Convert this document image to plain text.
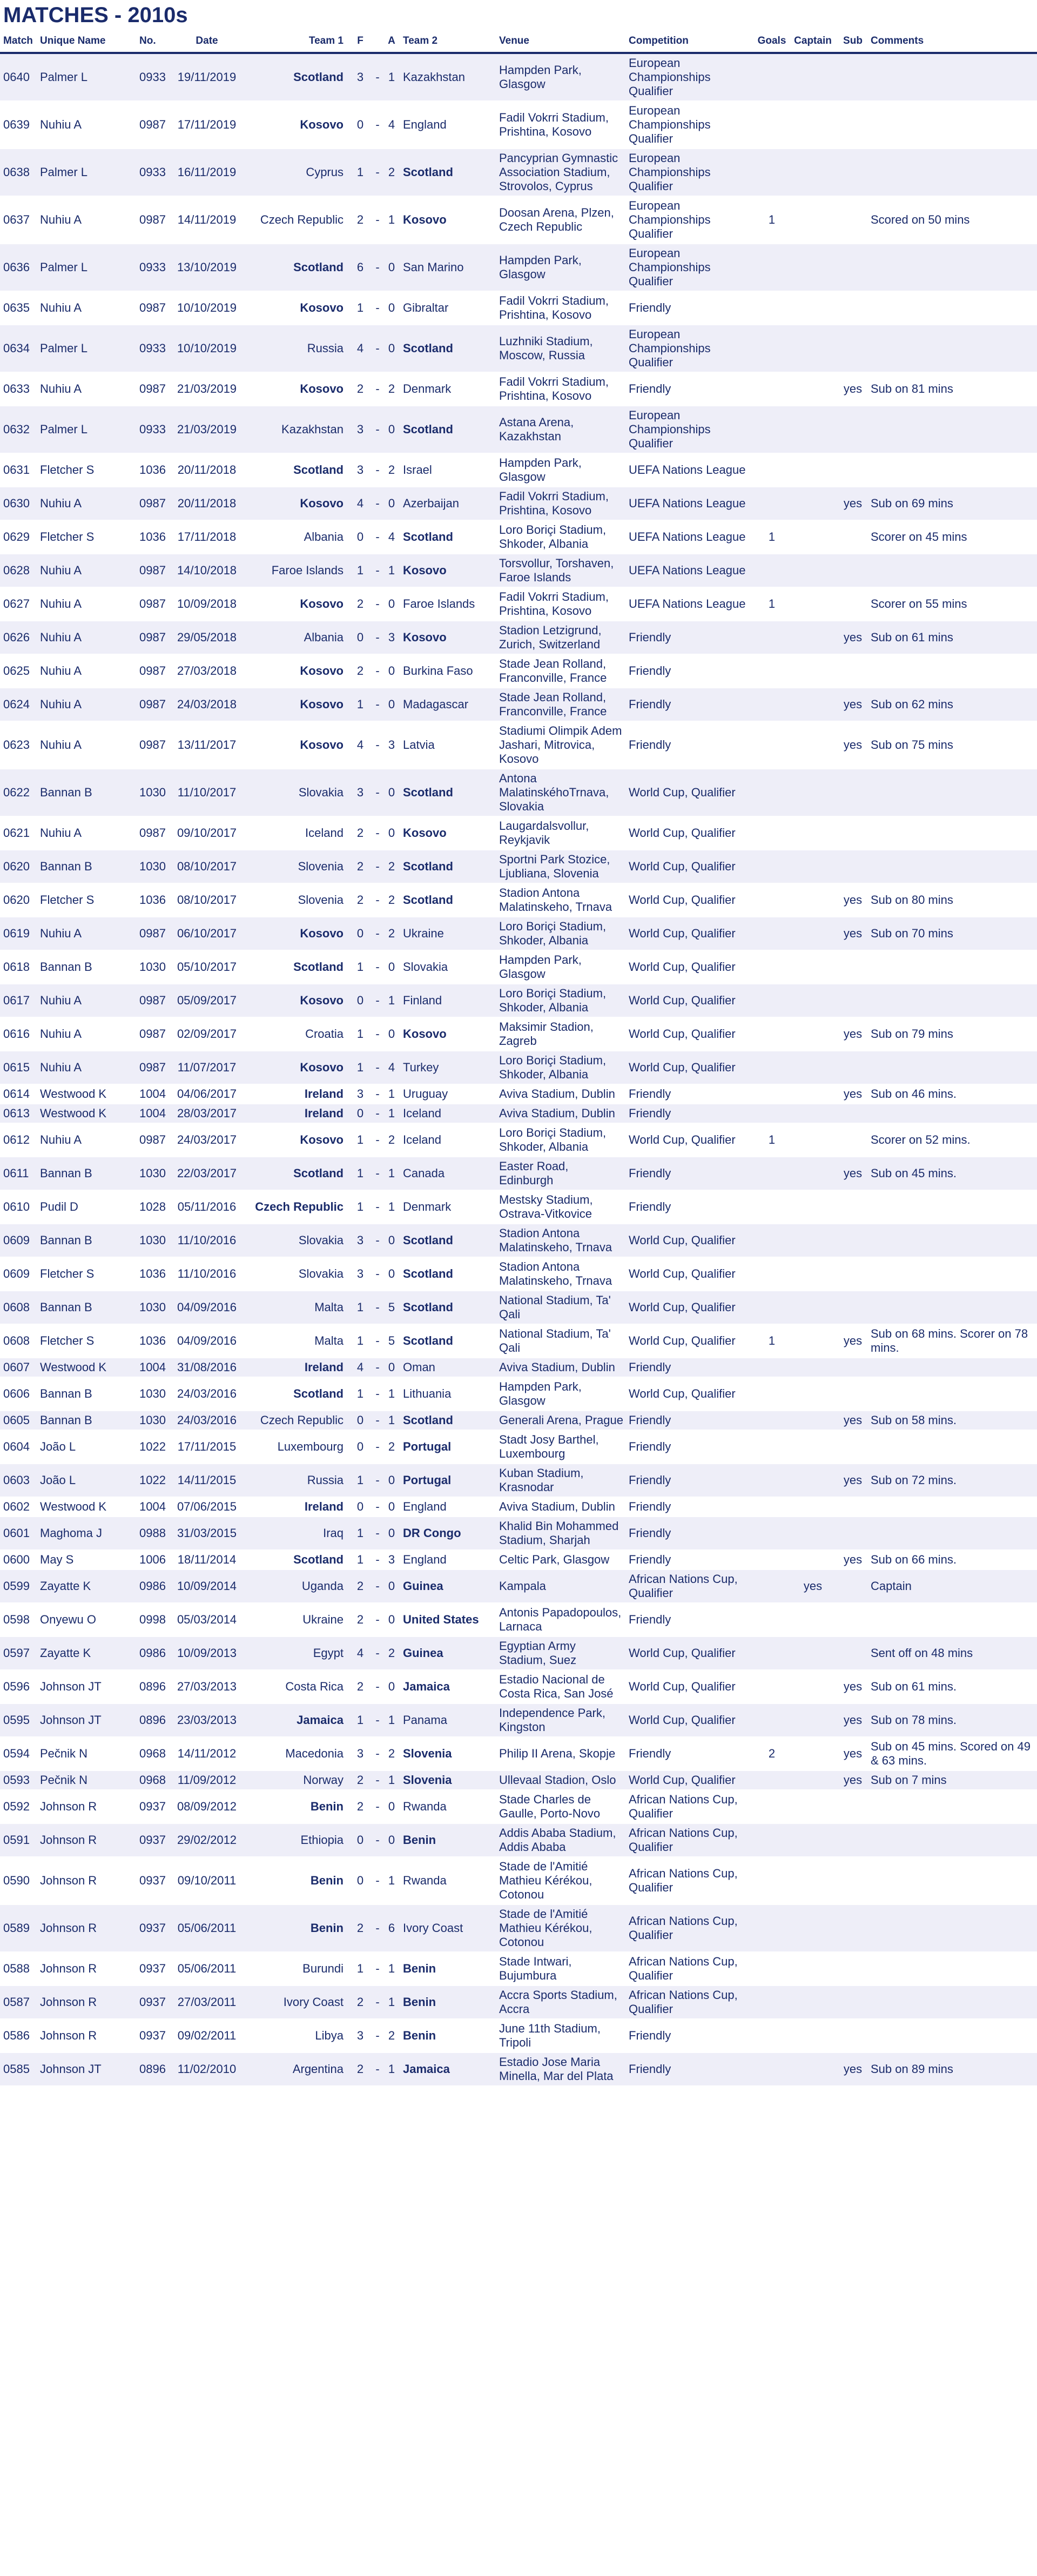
MATCHES - 2010s
Match	Unique Name	No.	Date	Team 1	F		A	Team 2	Venue	Competition	Goals	Captain	Sub	Comments
0640	Palmer L	0933	19/11/2019	Scotland	3	-	1	Kazakhstan	Hampden Park, Glasgow	European Championships Qualifier				
0639	Nuhiu A	0987	17/11/2019	Kosovo	0	-	4	England	Fadil Vokrri Stadium, Prishtina, Kosovo	European Championships Qualifier				
0638	Palmer L	0933	16/11/2019	Cyprus	1	-	2	Scotland	Pancyprian Gymnastic Association Stadium, Strovolos, Cyprus	European Championships Qualifier				
0637	Nuhiu A	0987	14/11/2019	Czech Republic	2	-	1	Kosovo	Doosan Arena, Plzen, Czech Republic	European Championships Qualifier	1			Scored on 50 mins
0636	Palmer L	0933	13/10/2019	Scotland	6	-	0	San Marino	Hampden Park, Glasgow	European Championships Qualifier				
0635	Nuhiu A	0987	10/10/2019	Kosovo	1	-	0	Gibraltar	Fadil Vokrri Stadium, Prishtina, Kosovo	Friendly				
0634	Palmer L	0933	10/10/2019	Russia	4	-	0	Scotland	Luzhniki Stadium, Moscow, Russia	European Championships Qualifier				
0633	Nuhiu A	0987	21/03/2019	Kosovo	2	-	2	Denmark	Fadil Vokrri Stadium, Prishtina, Kosovo	Friendly			yes	Sub on 81 mins
0632	Palmer L	0933	21/03/2019	Kazakhstan	3	-	0	Scotland	Astana Arena, Kazakhstan	European Championships Qualifier				
0631	Fletcher S	1036	20/11/2018	Scotland	3	-	2	Israel	Hampden Park, Glasgow	UEFA Nations League				
0630	Nuhiu A	0987	20/11/2018	Kosovo	4	-	0	Azerbaijan	Fadil Vokrri Stadium, Prishtina, Kosovo	UEFA Nations League			yes	Sub on 69 mins
0629	Fletcher S	1036	17/11/2018	Albania	0	-	4	Scotland	Loro Boriçi Stadium, Shkoder, Albania	UEFA Nations League	1			Scorer on 45 mins
0628	Nuhiu A	0987	14/10/2018	Faroe Islands	1	-	1	Kosovo	Torsvollur, Torshaven, Faroe Islands	UEFA Nations League				
0627	Nuhiu A	0987	10/09/2018	Kosovo	2	-	0	Faroe Islands	Fadil Vokrri Stadium, Prishtina, Kosovo	UEFA Nations League	1			Scorer on 55 mins
0626	Nuhiu A	0987	29/05/2018	Albania	0	-	3	Kosovo	Stadion Letzigrund, Zurich, Switzerland	Friendly			yes	Sub on 61 mins
0625	Nuhiu A	0987	27/03/2018	Kosovo	2	-	0	Burkina Faso	Stade Jean Rolland, Franconville, France	Friendly				
0624	Nuhiu A	0987	24/03/2018	Kosovo	1	-	0	Madagascar	Stade Jean Rolland, Franconville, France	Friendly			yes	Sub on 62 mins
0623	Nuhiu A	0987	13/11/2017	Kosovo	4	-	3	Latvia	Stadiumi Olimpik Adem Jashari, Mitrovica, Kosovo	Friendly			yes	Sub on 75 mins
0622	Bannan B	1030	11/10/2017	Slovakia	3	-	0	Scotland	Antona MalatinskéhoTrnava, Slovakia	World Cup, Qualifier				
0621	Nuhiu A	0987	09/10/2017	Iceland	2	-	0	Kosovo	Laugardalsvollur, Reykjavik	World Cup, Qualifier				
0620	Bannan B	1030	08/10/2017	Slovenia	2	-	2	Scotland	Sportni Park Stozice, Ljubliana, Slovenia	World Cup, Qualifier				
0620	Fletcher S	1036	08/10/2017	Slovenia	2	-	2	Scotland	Stadion Antona Malatinskeho, Trnava	World Cup, Qualifier			yes	Sub on 80 mins
0619	Nuhiu A	0987	06/10/2017	Kosovo	0	-	2	Ukraine	Loro Boriçi Stadium, Shkoder, Albania	World Cup, Qualifier			yes	Sub on 70 mins
0618	Bannan B	1030	05/10/2017	Scotland	1	-	0	Slovakia	Hampden Park, Glasgow	World Cup, Qualifier				
0617	Nuhiu A	0987	05/09/2017	Kosovo	0	-	1	Finland	Loro Boriçi Stadium, Shkoder, Albania	World Cup, Qualifier				
0616	Nuhiu A	0987	02/09/2017	Croatia	1	-	0	Kosovo	Maksimir Stadion, Zagreb	World Cup, Qualifier			yes	Sub on 79 mins
0615	Nuhiu A	0987	11/07/2017	Kosovo	1	-	4	Turkey	Loro Boriçi Stadium, Shkoder, Albania	World Cup, Qualifier				
0614	Westwood K	1004	04/06/2017	Ireland	3	-	1	Uruguay	Aviva Stadium, Dublin	Friendly			yes	Sub on 46 mins.
0613	Westwood K	1004	28/03/2017	Ireland	0	-	1	Iceland	Aviva Stadium, Dublin	Friendly				
0612	Nuhiu A	0987	24/03/2017	Kosovo	1	-	2	Iceland	Loro Boriçi Stadium, Shkoder, Albania	World Cup, Qualifier	1			Scorer on 52 mins.
0611	Bannan B	1030	22/03/2017	Scotland	1	-	1	Canada	Easter Road, Edinburgh	Friendly			yes	Sub on 45 mins.
0610	Pudil D	1028	05/11/2016	Czech Republic	1	-	1	Denmark	Mestsky Stadium, Ostrava-Vitkovice	Friendly				
0609	Bannan B	1030	11/10/2016	Slovakia	3	-	0	Scotland	Stadion Antona Malatinskeho, Trnava	World Cup, Qualifier				
0609	Fletcher S	1036	11/10/2016	Slovakia	3	-	0	Scotland	Stadion Antona Malatinskeho, Trnava	World Cup, Qualifier				
0608	Bannan B	1030	04/09/2016	Malta	1	-	5	Scotland	National Stadium, Ta' Qali	World Cup, Qualifier				
0608	Fletcher S	1036	04/09/2016	Malta	1	-	5	Scotland	National Stadium, Ta' Qali	World Cup, Qualifier	1		yes	Sub on 68 mins. Scorer on 78 mins.
0607	Westwood K	1004	31/08/2016	Ireland	4	-	0	Oman	Aviva Stadium, Dublin	Friendly				
0606	Bannan B	1030	24/03/2016	Scotland	1	-	1	Lithuania	Hampden Park, Glasgow	World Cup, Qualifier				
0605	Bannan B	1030	24/03/2016	Czech Republic	0	-	1	Scotland	Generali Arena, Prague	Friendly			yes	Sub on 58 mins.
0604	João L	1022	17/11/2015	Luxembourg	0	-	2	Portugal	Stadt Josy Barthel, Luxembourg	Friendly				
0603	João L	1022	14/11/2015	Russia	1	-	0	Portugal	Kuban Stadium, Krasnodar	Friendly			yes	Sub on 72 mins.
0602	Westwood K	1004	07/06/2015	Ireland	0	-	0	England	Aviva Stadium, Dublin	Friendly				
0601	Maghoma J	0988	31/03/2015	Iraq	1	-	0	DR Congo	Khalid Bin Mohammed Stadium, Sharjah	Friendly				
0600	May S	1006	18/11/2014	Scotland	1	-	3	England	Celtic Park, Glasgow	Friendly			yes	Sub on 66 mins.
0599	Zayatte K	0986	10/09/2014	Uganda	2	-	0	Guinea	Kampala	African Nations Cup, Qualifier		yes		Captain
0598	Onyewu O	0998	05/03/2014	Ukraine	2	-	0	United States	Antonis Papadopoulos, Larnaca	Friendly				
0597	Zayatte K	0986	10/09/2013	Egypt	4	-	2	Guinea	Egyptian Army Stadium, Suez	World Cup, Qualifier				Sent off on 48 mins
0596	Johnson JT	0896	27/03/2013	Costa Rica	2	-	0	Jamaica	Estadio Nacional de Costa Rica, San José	World Cup, Qualifier			yes	Sub on 61 mins.
0595	Johnson JT	0896	23/03/2013	Jamaica	1	-	1	Panama	Independence Park, Kingston	World Cup, Qualifier			yes	Sub on 78 mins.
0594	Pečnik N	0968	14/11/2012	Macedonia	3	-	2	Slovenia	Philip II Arena, Skopje	Friendly	2		yes	Sub on 45 mins. Scored on 49 & 63 mins.
0593	Pečnik N	0968	11/09/2012	Norway	2	-	1	Slovenia	Ullevaal Stadion, Oslo	World Cup, Qualifier			yes	Sub on 7 mins
0592	Johnson R	0937	08/09/2012	Benin	2	-	0	Rwanda	Stade Charles de Gaulle, Porto-Novo	African Nations Cup, Qualifier				
0591	Johnson R	0937	29/02/2012	Ethiopia	0	-	0	Benin	Addis Ababa Stadium, Addis Ababa	African Nations Cup, Qualifier				
0590	Johnson R	0937	09/10/2011	Benin	0	-	1	Rwanda	Stade de l'Amitié Mathieu Kérékou, Cotonou	African Nations Cup, Qualifier				
0589	Johnson R	0937	05/06/2011	Benin	2	-	6	Ivory Coast	Stade de l'Amitié Mathieu Kérékou, Cotonou	African Nations Cup, Qualifier				
0588	Johnson R	0937	05/06/2011	Burundi	1	-	1	Benin	Stade Intwari, Bujumbura	African Nations Cup, Qualifier				
0587	Johnson R	0937	27/03/2011	Ivory Coast	2	-	1	Benin	Accra Sports Stadium, Accra	African Nations Cup, Qualifier				
0586	Johnson R	0937	09/02/2011	Libya	3	-	2	Benin	June 11th Stadium, Tripoli	Friendly				
0585	Johnson JT	0896	11/02/2010	Argentina	2	-	1	Jamaica	Estadio Jose Maria Minella, Mar del Plata	Friendly			yes	Sub on 89 mins
